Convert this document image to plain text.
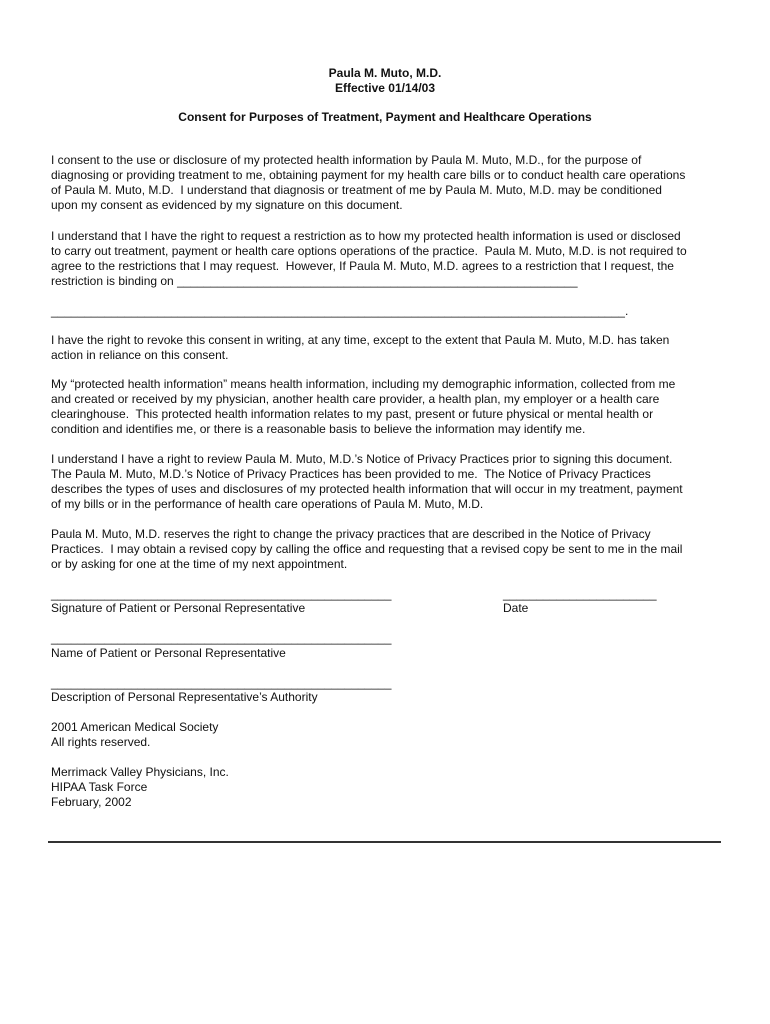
Paula M. Muto, M.D.
Effective 01/14/03
Consent for Purposes of Treatment, Payment and Healthcare Operations

I consent to the use or disclosure of my protected health information by Paula M. Muto, M.D., for the purpose of
diagnosing or providing treatment to me, obtaining payment for my health care bills or to conduct health care operations
of Paula M. Muto, M.D.  I understand that diagnosis or treatment of me by Paula M. Muto, M.D. may be conditioned
upon my consent as evidenced by my signature on this document.

I understand that I have the right to request a restriction as to how my protected health information is used or disclosed
to carry out treatment, payment or health care options operations of the practice.  Paula M. Muto, M.D. is not required to
agree to the restrictions that I may request.  However, If Paula M. Muto, M.D. agrees to a restriction that I request, the
restriction is binding on ____________________________________________________________
______________________________________________________________________________________.

I have the right to revoke this consent in writing, at any time, except to the extent that Paula M. Muto, M.D. has taken
action in reliance on this consent.

My “protected health information” means health information, including my demographic information, collected from me
and created or received by my physician, another health care provider, a health plan, my employer or a health care
clearinghouse.  This protected health information relates to my past, present or future physical or mental health or
condition and identifies me, or there is a reasonable basis to believe the information may identify me.

I understand I have a right to review Paula M. Muto, M.D.’s Notice of Privacy Practices prior to signing this document.
The Paula M. Muto, M.D.’s Notice of Privacy Practices has been provided to me.  The Notice of Privacy Practices
describes the types of uses and disclosures of my protected health information that will occur in my treatment, payment
of my bills or in the performance of health care operations of Paula M. Muto, M.D.

Paula M. Muto, M.D. reserves the right to change the privacy practices that are described in the Notice of Privacy
Practices.  I may obtain a revised copy by calling the office and requesting that a revised copy be sent to me in the mail
or by asking for one at the time of my next appointment.

___________________________________________________	_______________________
Signature of Patient or Personal Representative	Date
___________________________________________________
Name of Patient or Personal Representative
___________________________________________________
Description of Personal Representative’s Authority
2001 American Medical Society
All rights reserved.
Merrimack Valley Physicians, Inc.
HIPAA Task Force
February, 2002
